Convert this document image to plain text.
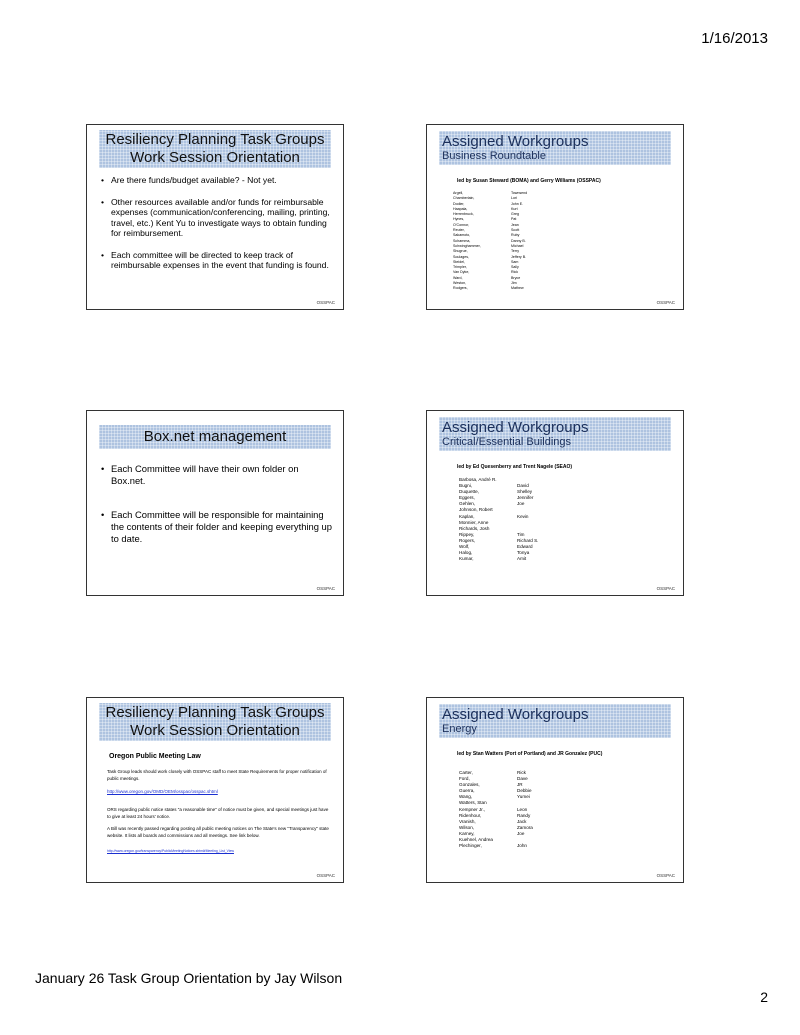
1/16/2013
Resiliency Planning Task Groups Work Session Orientation
• Are there funds/budget available? - Not yet.
• Other resources available and/or funds for reimbursable expenses (communication/conferencing, mailing, printing, travel, etc.) Kent Yu to investigate ways to obtain funding for reimbursement.
• Each committee will be directed to keep track of reimbursable expenses in the event that funding is found.
OSSPAC
Assigned Workgroups
Business Roundtable
led by Susan Steward (BOMA) and Gerry Williams (OSSPAC)
Argell,	Townsend
Chamberlain,	Lori
Dodier,	John E.
Haapala,	Kurt
Herrenbruck,	Greg
Hynes,	Pat
O'Connor,	Jean
Reuter,	Scott
Sakamoto,	Ruby
Scharnma,	Danny B.
Schwinghammer,	Michael
Shugrue,	Terry
Soulages,	Jeffery B.
Steidel,	Sam
Trimpler,	Sally
Van Dyke,	Rick
Ward,	Bryce
Weston,	Jim
Rodgers,	Mathew
OSSPAC
Box.net management
• Each Committee will have their own folder on Box.net.
• Each Committee will be responsible for maintaining the contents of their folder and keeping everything up to date.
OSSPAC
Assigned Workgroups
Critical/Essential Buildings
led by Ed Quesenberry and Trent Nagele (SEAO)
Barbosa, André R.
Bugni,	David
Duquette,	Shelley
Eggers,	Jennifer
Gehlen,	Joe
Johnson, Robert
Kaplan,	Kevin
Monnier, Anne
Richards, Josh
Rippey,	Tim
Rogers,	Richard S.
Wolf,	Edward
Halog,	Tonya
Kumar,	Amit
OSSPAC
Resiliency Planning Task Groups Work Session Orientation
Oregon Public Meeting Law
Task Group leads should work closely with OSSPAC staff to meet State Requirements for proper notification of public meetings.
http://www.oregon.gov/OMD/OEM/osspac/osspac.shtml
ORS regarding public notice states "a reasonable time" of notice must be given, and special meetings just have to give at least 24 hours' notice.
A Bill was recently passed regarding posting all public meeting notices on The State's new "Transparency" state website. It lists all boards and commissions and all meetings. See link below.
http://www.oregon.gov/transparency/PublicMeetingNotices.shtml#Meeting_List_View
OSSPAC
Assigned Workgroups
Energy
led by Stan Watters (Port of Portland) and JR Gonzalez (PUC)
Carter,	Rick
Ford,	Dave
Gonzales,	JR
Guerra,	Debbie
Wang,	Yumei
Watters, Stan
Kempner Jr.,	Leon
Ridenhour,	Randy
Vranish,	Jack
Wilson,	Zamora
Karney,	Joe
Kuehnel, Andrea
Plechinger,	John
OSSPAC
January 26 Task Group Orientation by Jay Wilson
2
